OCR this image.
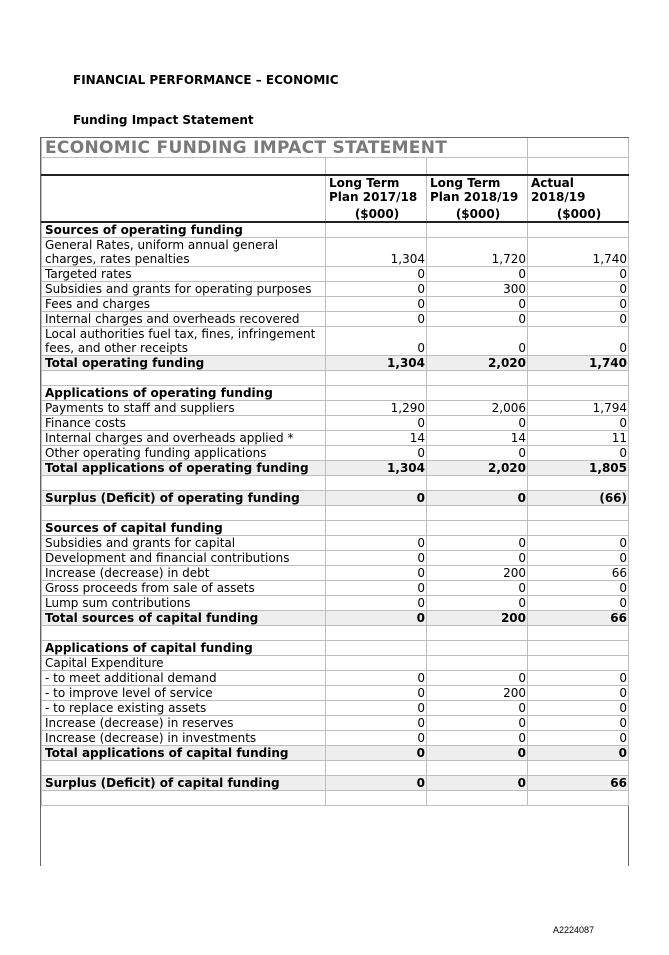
FINANCIAL PERFORMANCE – ECONOMIC
Funding Impact Statement
ECONOMIC FUNDING IMPACT STATEMENT			

	Long Term
Plan 2017/18
($000)	Long Term
Plan 2018/19
($000)	Actual
2018/19
($000)

Sources of operating funding			
General Rates, uniform annual general charges, rates penalties	1,304	1,720	1,740
Targeted rates	0	0	0
Subsidies and grants for operating purposes	0	300	0
Fees and charges	0	0	0
Internal charges and overheads recovered	0	0	0
Local authorities fuel tax, fines, infringement fees, and other receipts	0	0	0
Total operating funding	1,304	2,020	1,740

Applications of operating funding			
Payments to staff and suppliers	1,290	2,006	1,794
Finance costs	0	0	0
Internal charges and overheads applied *	14	14	11
Other operating funding applications	0	0	0
Total applications of operating funding	1,304	2,020	1,805

Surplus (Deficit) of operating funding	0	0	(66)

Sources of capital funding			
Subsidies and grants for capital	0	0	0
Development and financial contributions	0	0	0
Increase (decrease) in debt	0	200	66
Gross proceeds from sale of assets	0	0	0
Lump sum contributions	0	0	0
Total sources of capital funding	0	200	66

Applications of capital funding			
Capital Expenditure			
- to meet additional demand	0	0	0
- to improve level of service	0	200	0
- to replace existing assets	0	0	0
Increase (decrease) in reserves	0	0	0
Increase (decrease) in investments	0	0	0
Total applications of capital funding	0	0	0

Surplus (Deficit) of capital funding	0	0	66

A2224087
